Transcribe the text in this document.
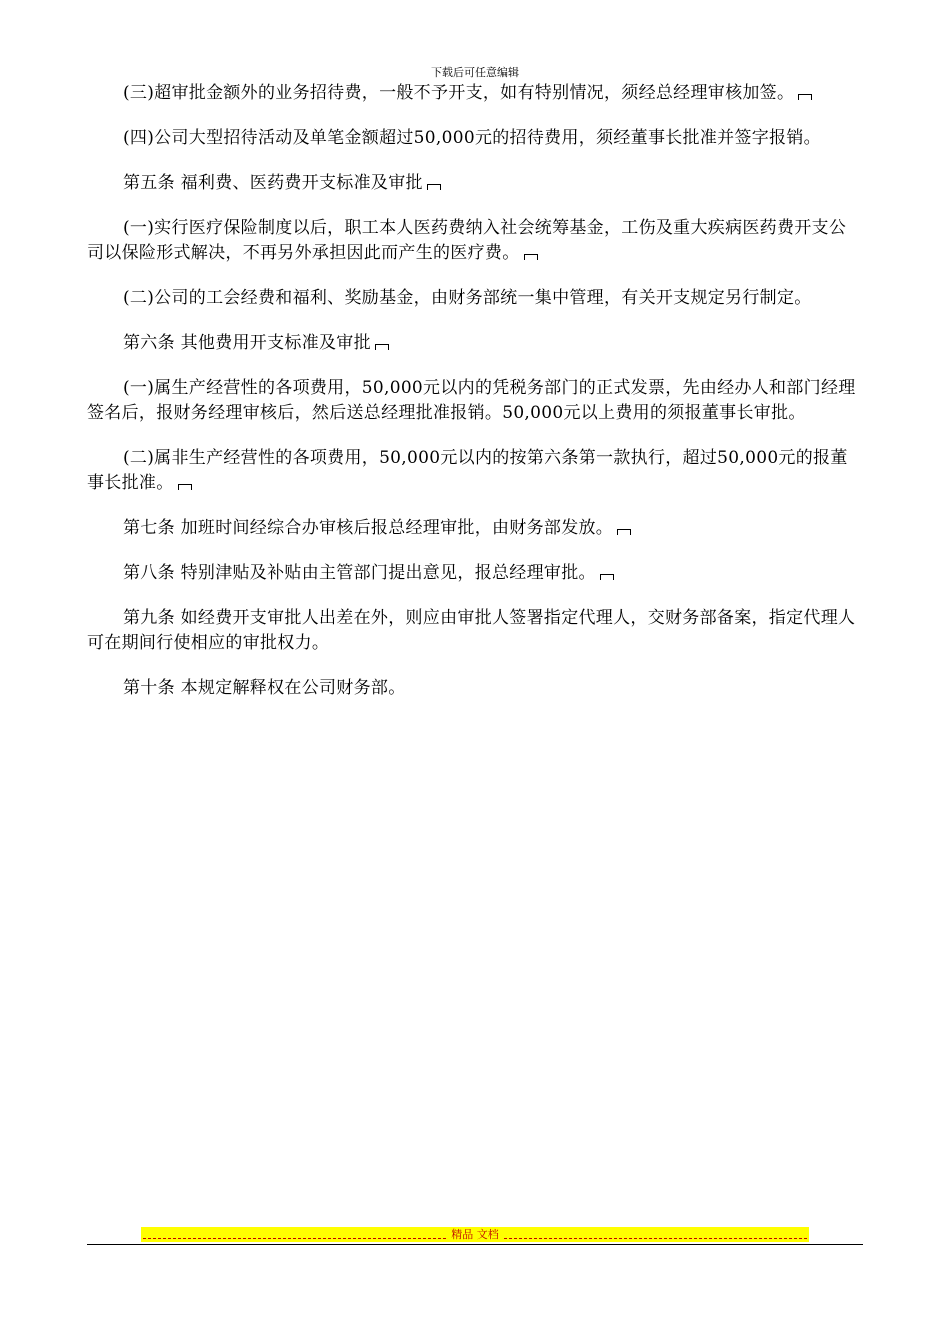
下载后可任意编辑

(三)超审批金额外的业务招待费，一般不予开支，如有特别情况，须经总经理审核加签。

(四)公司大型招待活动及单笔金额超过50,000元的招待费用，须经董事长批准并签字报销。

第五条 福利费、医药费开支标准及审批

(一)实行医疗保险制度以后，职工本人医药费纳入社会统筹基金，工伤及重大疾病医药费开支公司以保险形式解决，不再另外承担因此而产生的医疗费。

(二)公司的工会经费和福利、奖励基金，由财务部统一集中管理，有关开支规定另行制定。

第六条 其他费用开支标准及审批

(一)属生产经营性的各项费用，50,000元以内的凭税务部门的正式发票，先由经办人和部门经理签名后，报财务经理审核后，然后送总经理批准报销。50,000元以上费用的须报董事长审批。

(二)属非生产经营性的各项费用，50,000元以内的按第六条第一款执行，超过50,000元的报董事长批准。

第七条 加班时间经综合办审核后报总经理审批，由财务部发放。

第八条 特别津贴及补贴由主管部门提出意见，报总经理审批。

第九条 如经费开支审批人出差在外，则应由审批人签署指定代理人，交财务部备案，指定代理人可在期间行使相应的审批权力。

第十条 本规定解释权在公司财务部。

精品 文档
